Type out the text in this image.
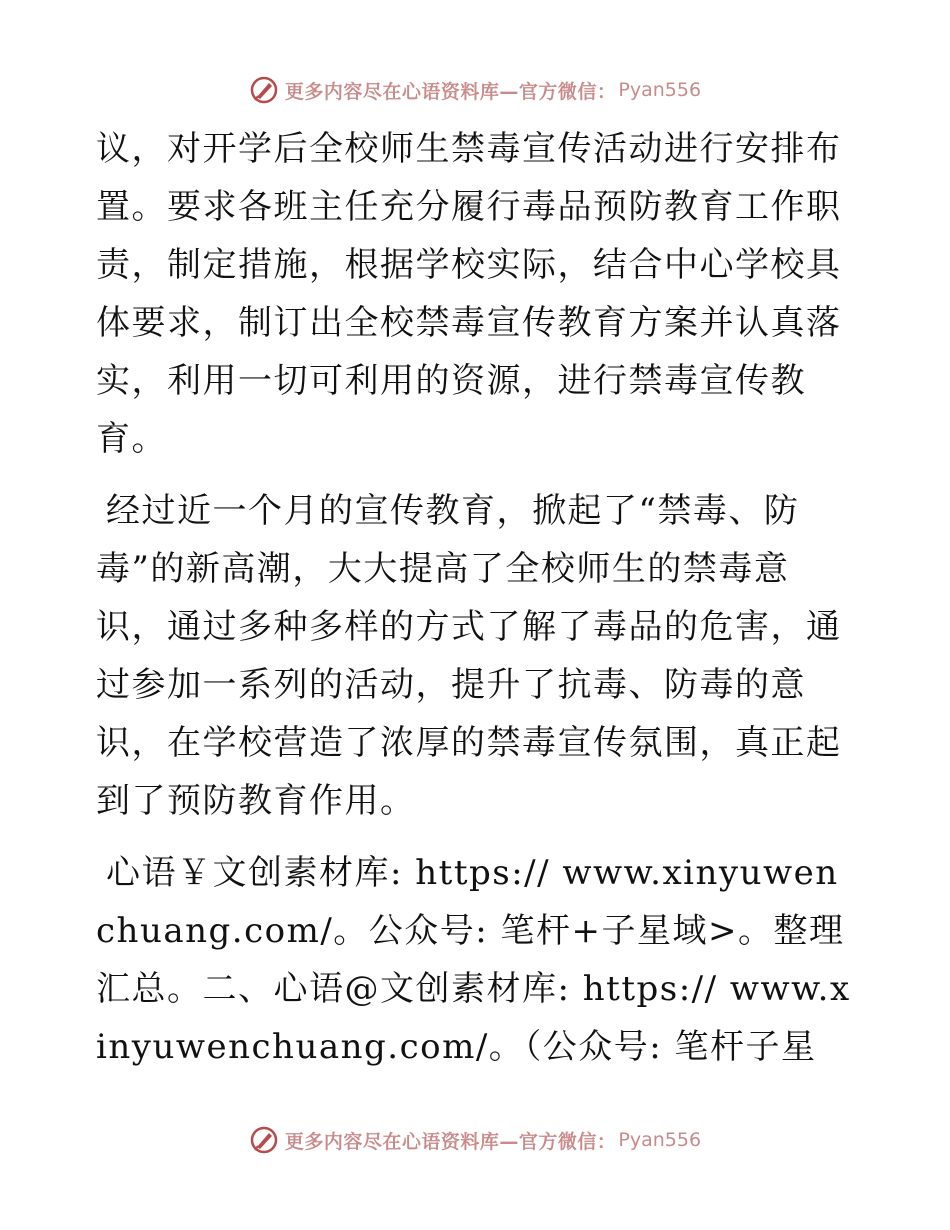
更多内容尽在心语资料库—官方微信： Pyan556

议，对开学后全校师生禁毒宣传活动进行安排布置。要求各班主任充分履行毒品预防教育工作职责，制定措施，根据学校实际，结合中心学校具体要求，制订出全校禁毒宣传教育方案并认真落实，利用一切可利用的资源，进行禁毒宣传教育。

经过近一个月的宣传教育，掀起了“禁毒、防毒”的新高潮，大大提高了全校师生的禁毒意识，通过多种多样的方式了解了毒品的危害，通过参加一系列的活动，提升了抗毒、防毒的意识，在学校营造了浓厚的禁毒宣传氛围，真正起到了预防教育作用。

心语￥文创素材库: https:// www.xinyuwenchuang.com/。公众号: 笔杆+子星域>。整理汇总。二、心语@文创素材库: https:// www.xinyuwenchuang.com/。（公众号: 笔杆子星

更多内容尽在心语资料库—官方微信： Pyan556
